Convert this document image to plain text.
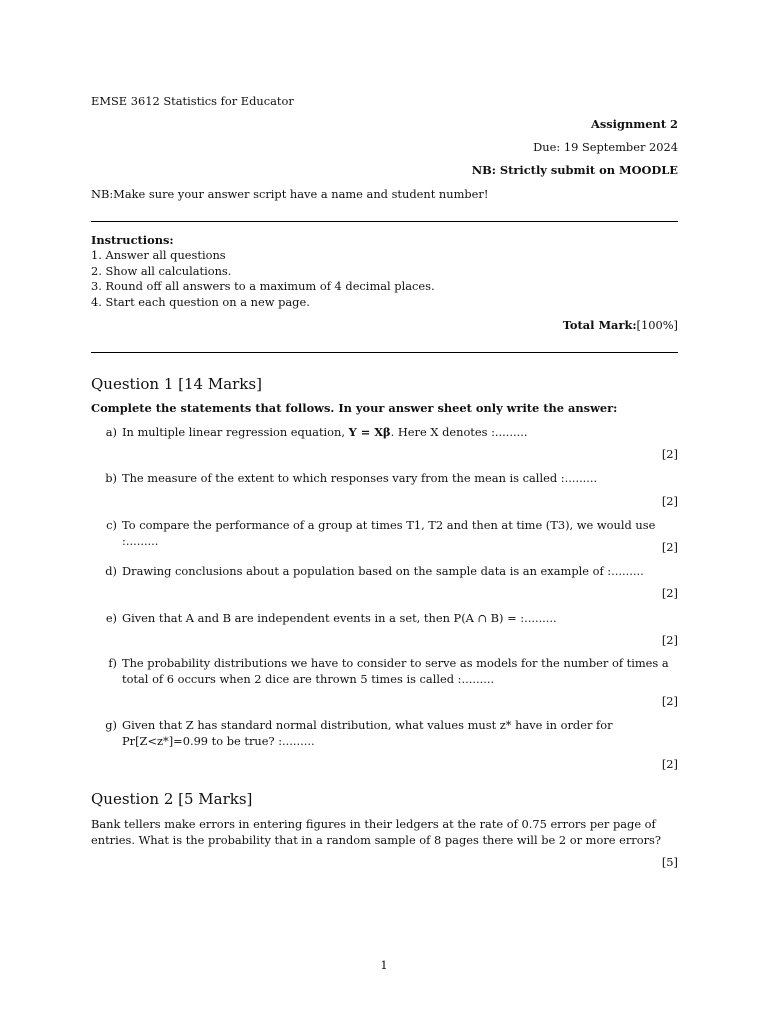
EMSE 3612 Statistics for Educator
Assignment 2
Due: 19 September 2024
NB: Strictly submit on MOODLE
NB:Make sure your answer script have a name and student number!
Instructions:
1. Answer all questions
2. Show all calculations.
3. Round off all answers to a maximum of 4 decimal places.
4. Start each question on a new page.
Total Mark:[100%]
Question 1 [14 Marks]
Complete the statements that follows. In your answer sheet only write the answer:
a) In multiple linear regression equation, Y = Xβ. Here X denotes :.........
[2]
b) The measure of the extent to which responses vary from the mean is called :.........
[2]
c) To compare the performance of a group at times T1, T2 and then at time (T3), we would use :.........	[2]
d) Drawing conclusions about a population based on the sample data is an example of :.........
[2]
e) Given that A and B are independent events in a set, then P(A ∩ B) = :.........
[2]
f) The probability distributions we have to consider to serve as models for the number of times a total of 6 occurs when 2 dice are thrown 5 times is called :.........
[2]
g) Given that Z has standard normal distribution, what values must z* have in order for Pr[Z<z*]=0.99 to be true? :.........
[2]
Question 2 [5 Marks]
Bank tellers make errors in entering figures in their ledgers at the rate of 0.75 errors per page of entries. What is the probability that in a random sample of 8 pages there will be 2 or more errors?
[5]
1
